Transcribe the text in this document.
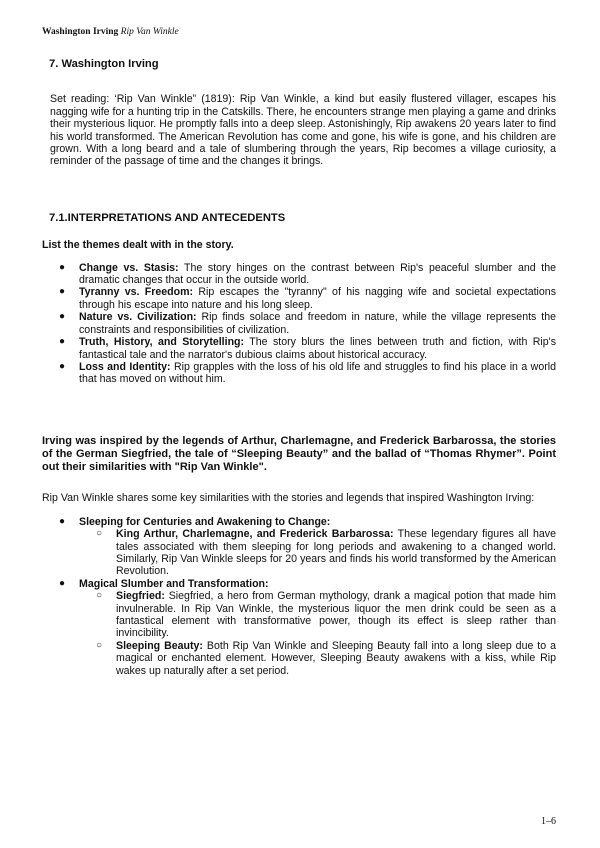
Washington Irving Rip Van Winkle
7. Washington Irving

Set reading: ‘Rip Van Winkle” (1819): Rip Van Winkle, a kind but easily flustered villager, escapes his nagging wife for a hunting trip in the Catskills. There, he encounters strange men playing a game and drinks their mysterious liquor. He promptly falls into a deep sleep. Astonishingly, Rip awakens 20 years later to find his world transformed. The American Revolution has come and gone, his wife is gone, and his children are grown. With a long beard and a tale of slumbering through the years, Rip becomes a village curiosity, a reminder of the passage of time and the changes it brings.

7.1.INTERPRETATIONS AND ANTECEDENTS
List the themes dealt with in the story.
● Change vs. Stasis: The story hinges on the contrast between Rip's peaceful slumber and the dramatic changes that occur in the outside world.
● Tyranny vs. Freedom: Rip escapes the "tyranny" of his nagging wife and societal expectations through his escape into nature and his long sleep.
● Nature vs. Civilization: Rip finds solace and freedom in nature, while the village represents the constraints and responsibilities of civilization.
● Truth, History, and Storytelling: The story blurs the lines between truth and fiction, with Rip's fantastical tale and the narrator's dubious claims about historical accuracy.
● Loss and Identity: Rip grapples with the loss of his old life and struggles to find his place in a world that has moved on without him.

Irving was inspired by the legends of Arthur, Charlemagne, and Frederick Barbarossa, the stories of the German Siegfried, the tale of “Sleeping Beauty” and the ballad of “Thomas Rhymer”. Point out their similarities with "Rip Van Winkle".

Rip Van Winkle shares some key similarities with the stories and legends that inspired Washington Irving:

● Sleeping for Centuries and Awakening to Change:
○ King Arthur, Charlemagne, and Frederick Barbarossa: These legendary figures all have tales associated with them sleeping for long periods and awakening to a changed world. Similarly, Rip Van Winkle sleeps for 20 years and finds his world transformed by the American Revolution.
● Magical Slumber and Transformation:
○ Siegfried: Siegfried, a hero from German mythology, drank a magical potion that made him invulnerable. In Rip Van Winkle, the mysterious liquor the men drink could be seen as a fantastical element with transformative power, though its effect is sleep rather than invincibility.
○ Sleeping Beauty: Both Rip Van Winkle and Sleeping Beauty fall into a long sleep due to a magical or enchanted element. However, Sleeping Beauty awakens with a kiss, while Rip wakes up naturally after a set period.
1–6
